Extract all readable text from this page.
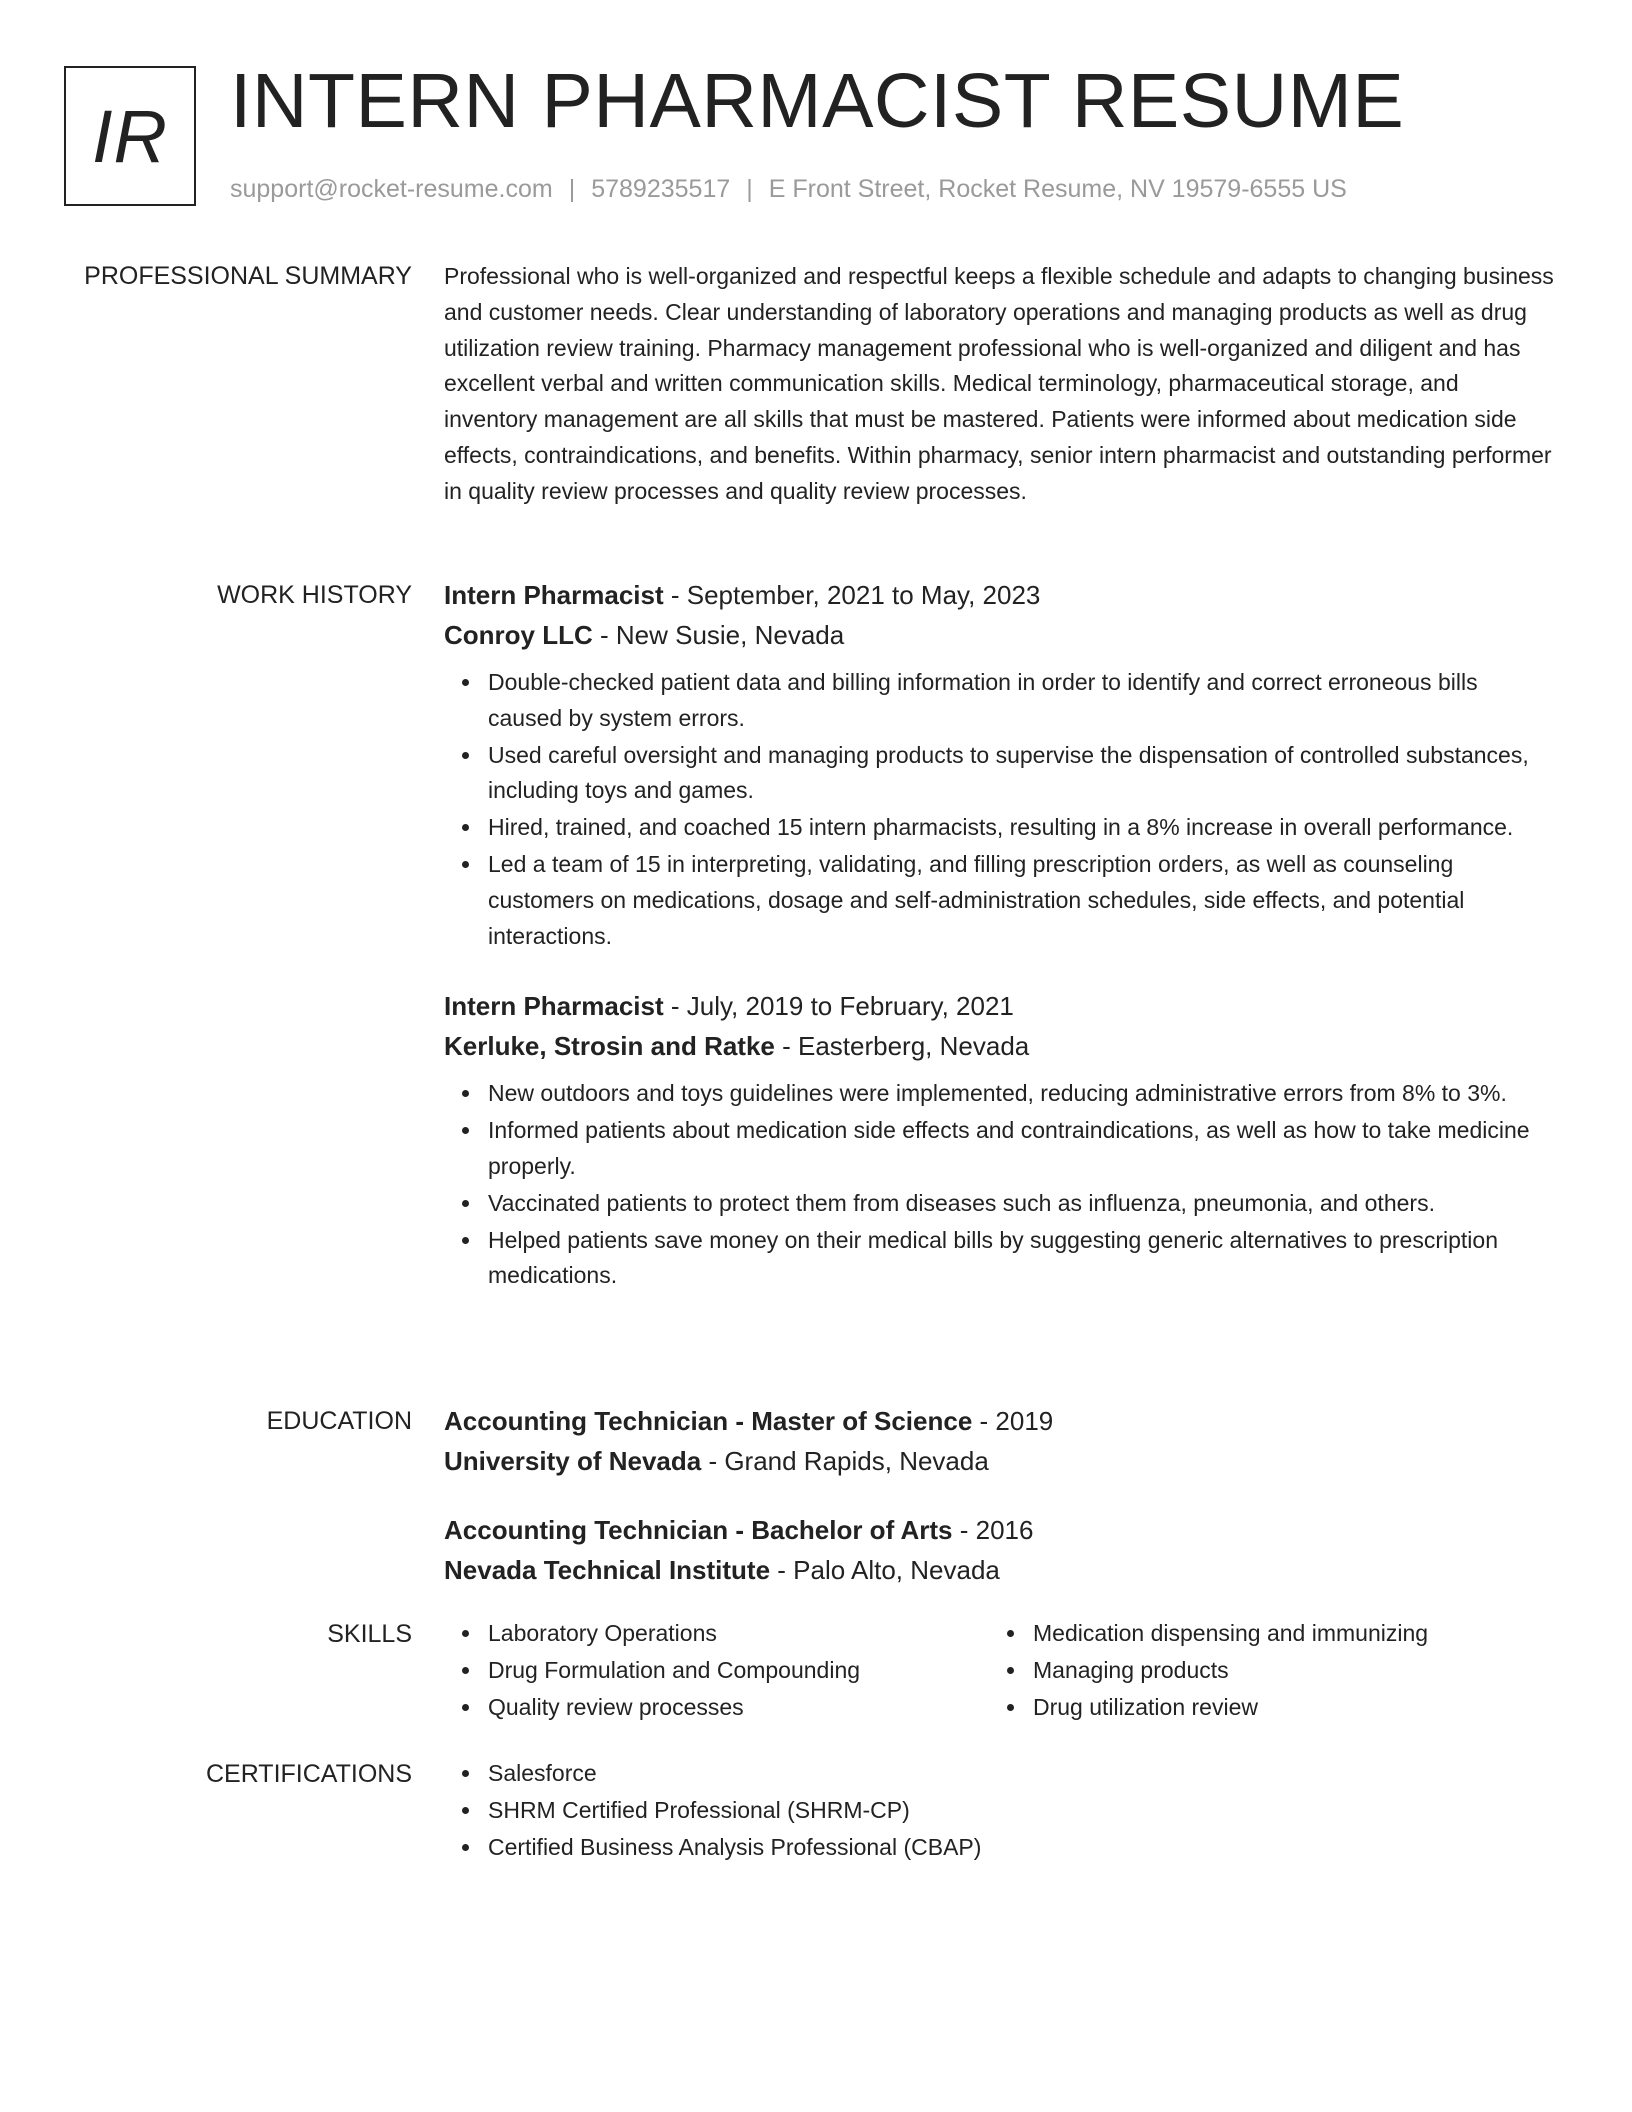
IR INTERN PHARMACIST RESUME
support@rocket-resume.com | 5789235517 | E Front Street, Rocket Resume, NV 19579-6555 US
PROFESSIONAL SUMMARY Professional who is well-organized and respectful keeps a flexible schedule and adapts to changing business and customer needs. Clear understanding of laboratory operations and managing products as well as drug utilization review training. Pharmacy management professional who is well-organized and diligent and has excellent verbal and written communication skills. Medical terminology, pharmaceutical storage, and inventory management are all skills that must be mastered. Patients were informed about medication side effects, contraindications, and benefits. Within pharmacy, senior intern pharmacist and outstanding performer in quality review processes and quality review processes.
WORK HISTORY Intern Pharmacist - September, 2021 to May, 2023
Conroy LLC - New Susie, Nevada
Double-checked patient data and billing information in order to identify and correct erroneous bills caused by system errors.
Used careful oversight and managing products to supervise the dispensation of controlled substances, including toys and games.
Hired, trained, and coached 15 intern pharmacists, resulting in a 8% increase in overall performance.
Led a team of 15 in interpreting, validating, and filling prescription orders, as well as counseling customers on medications, dosage and self-administration schedules, side effects, and potential interactions.
Intern Pharmacist - July, 2019 to February, 2021
Kerluke, Strosin and Ratke - Easterberg, Nevada
New outdoors and toys guidelines were implemented, reducing administrative errors from 8% to 3%.
Informed patients about medication side effects and contraindications, as well as how to take medicine properly.
Vaccinated patients to protect them from diseases such as influenza, pneumonia, and others.
Helped patients save money on their medical bills by suggesting generic alternatives to prescription medications.
EDUCATION Accounting Technician - Master of Science - 2019
University of Nevada - Grand Rapids, Nevada
Accounting Technician - Bachelor of Arts - 2016
Nevada Technical Institute - Palo Alto, Nevada
SKILLS	Laboratory Operations
Drug Formulation and Compounding
Quality review processes
Medication dispensing and immunizing
Managing products
Drug utilization review
CERTIFICATIONS	Salesforce
SHRM Certified Professional (SHRM-CP)
Certified Business Analysis Professional (CBAP)
